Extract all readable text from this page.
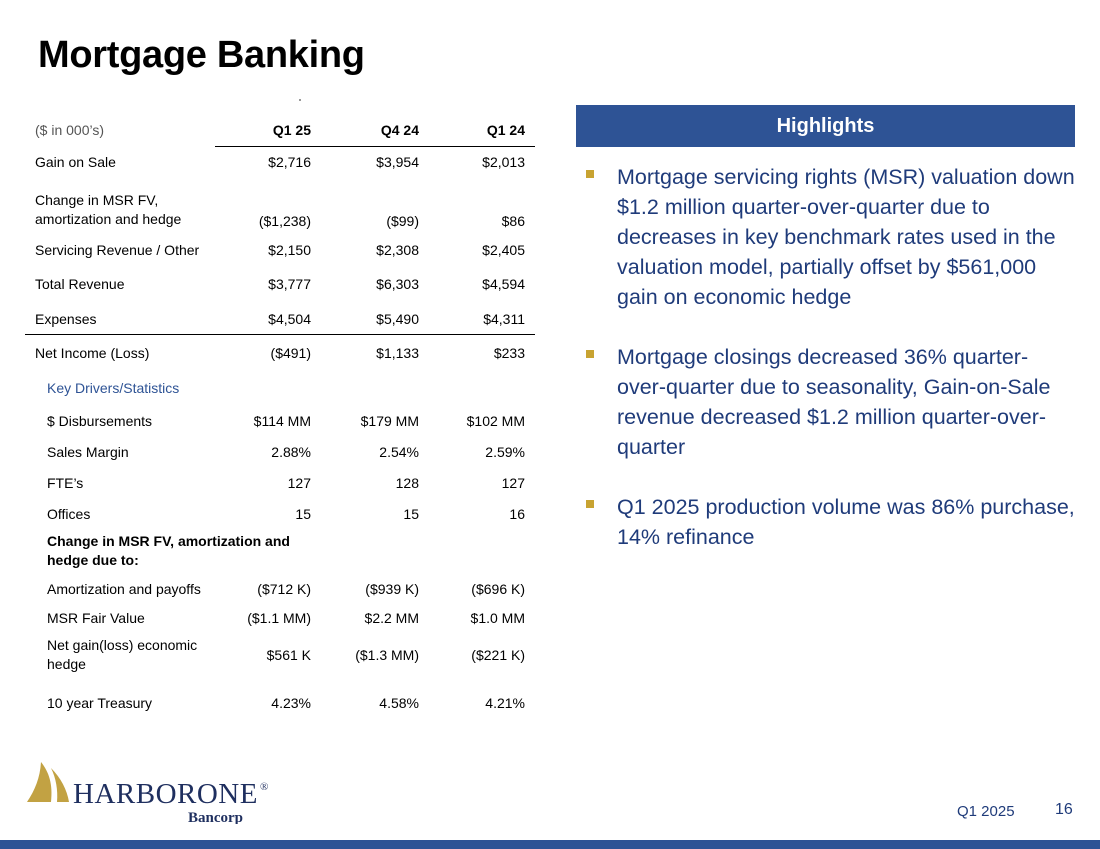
Mortgage Banking
($ in 000’s)	Q1 25	Q4 24	Q1 24
Gain on Sale	$2,716	$3,954	$2,013
Change in MSR FV,
amortization and hedge	($1,238)	($99)	$86
Servicing Revenue / Other	$2,150	$2,308	$2,405
Total Revenue	$3,777	$6,303	$4,594
Expenses	$4,504	$5,490	$4,311
Net Income (Loss)	($491)	$1,133	$233
Key Drivers/Statistics			
$ Disbursements	$114 MM	$179 MM	$102 MM
Sales Margin	2.88%	2.54%	2.59%
FTE’s	127	128	127
Offices	15	15	16
Change in MSR FV, amortization and
hedge due to:			
Amortization and payoffs	($712 K)	($939 K)	($696 K)
MSR Fair Value	($1.1 MM)	$2.2 MM	$1.0 MM
Net gain(loss) economic
hedge	$561 K	($1.3 MM)	($221 K)
10 year Treasury	4.23%	4.58%	4.21%
Highlights
Mortgage servicing rights (MSR) valuation down $1.2 million quarter-over-quarter due to decreases in key benchmark rates used in the valuation model, partially offset by $561,000 gain on economic hedge
Mortgage closings decreased 36% quarter-over-quarter due to seasonality, Gain-on-Sale revenue decreased $1.2 million quarter-over-quarter
Q1 2025 production volume was 86% purchase, 14% refinance
HARBORONE ®
Bancorp	Q1 2025	16
